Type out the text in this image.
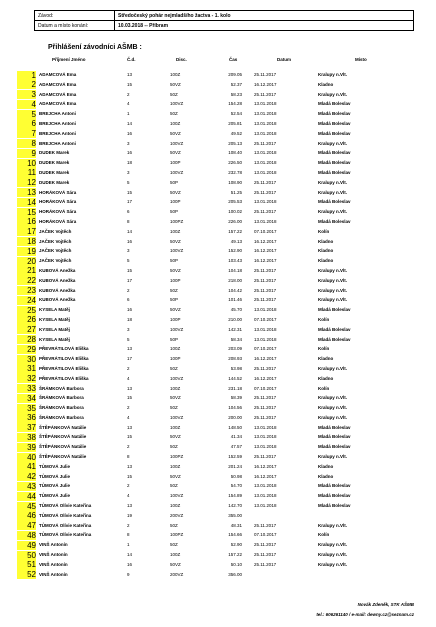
Závod:	Středočeský pohár nejmladšího žactva - 1. kolo
Datum a místo konání:	10.03.2018 -- Příbram
Přihlášení závodníci AŠMB :
Příjmení Jméno	Č.d.	Disc.	Čas	Datum	Místo
1 ADAMCOVÁ Ema	13	100Z	209.05	25.11.2017	Kralupy n.Vlt.
2 ADAMCOVÁ Ema	15	50VZ	52.37	16.12.2017	Kladno
3 ADAMCOVÁ Ema	2	50Z	58.23	25.11.2017	Kralupy n.Vlt.
4 ADAMCOVÁ Ema	4	100VZ	154.28	13.01.2018	Mladá Boleslav
5 BREJCHA Antoni	1	50Z	52.54	13.01.2018	Mladá Boleslav
6 BREJCHA Antoni	14	100Z	205.81	13.01.2018	Mladá Boleslav
7 BREJCHA Antoni	16	50VZ	49.52	13.01.2018	Mladá Boleslav
8 BREJCHA Antoni	3	100VZ	205.13	25.11.2017	Kralupy n.Vlt.
9 DUDEK Marek	16	50VZ	108.40	13.01.2018	Mladá Boleslav
10 DUDEK Marek	18	100P	226.50	13.01.2018	Mladá Boleslav
11 DUDEK Marek	3	100VZ	232.78	13.01.2018	Mladá Boleslav
12 DUDEK Marek	5	50P	108.90	25.11.2017	Kralupy n.Vlt.
13 HORÁKOVÁ Sára	15	50VZ	51.25	25.11.2017	Kralupy n.Vlt.
14 HORÁKOVÁ Sára	17	100P	205.53	13.01.2018	Mladá Boleslav
15 HORÁKOVÁ Sára	6	50P	100.02	25.11.2017	Kralupy n.Vlt.
16 HORÁKOVÁ Sára	8	100PZ	226.00	13.01.2018	Mladá Boleslav
17 JAČEK Vojtěch	14	100Z	157.22	07.10.2017	Kolín
18 JAČEK Vojtěch	16	50VZ	49.13	16.12.2017	Kladno
19 JAČEK Vojtěch	3	100VZ	152.90	16.12.2017	Kladno
20 JAČEK Vojtěch	5	50P	103.43	16.12.2017	Kladno
21 KUBOVÁ Anežka	15	50VZ	104.18	25.11.2017	Kralupy n.Vlt.
22 KUBOVÁ Anežka	17	100P	218.00	25.11.2017	Kralupy n.Vlt.
23 KUBOVÁ Anežka	2	50Z	104.42	25.11.2017	Kralupy n.Vlt.
24 KUBOVÁ Anežka	6	50P	101.46	25.11.2017	Kralupy n.Vlt.
25 KYSELA Matěj	16	50VZ	45.70	13.01.2018	Mladá Boleslav
26 KYSELA Matěj	18	100P	210.00	07.10.2017	Kolín
27 KYSELA Matěj	3	100VZ	142.31	13.01.2018	Mladá Boleslav
28 KYSELA Matěj	5	50P	58.34	13.01.2018	Mladá Boleslav
29 PŘEVRÁTILOVÁ Eliška	13	100Z	203.09	07.10.2017	Kolín
30 PŘEVRÁTILOVÁ Eliška	17	100P	208.93	16.12.2017	Kladno
31 PŘEVRÁTILOVÁ Eliška	2	50Z	53.98	25.11.2017	Kralupy n.Vlt.
32 PŘEVRÁTILOVÁ Eliška	4	100VZ	144.52	16.12.2017	Kladno
33 ŠRÁMKOVÁ Barbora	13	100Z	231.18	07.10.2017	Kolín
34 ŠRÁMKOVÁ Barbora	15	50VZ	58.39	25.11.2017	Kralupy n.Vlt.
35 ŠRÁMKOVÁ Barbora	2	50Z	104.56	25.11.2017	Kralupy n.Vlt.
36 ŠRÁMKOVÁ Barbora	4	100VZ	200.00	25.11.2017	Kralupy n.Vlt.
37 ŠTĚPÁNKOVÁ Natálie	13	100Z	148.50	13.01.2018	Mladá Boleslav
38 ŠTĚPÁNKOVÁ Natálie	15	50VZ	41.34	13.01.2018	Mladá Boleslav
39 ŠTĚPÁNKOVÁ Natálie	2	50Z	47.57	13.01.2018	Mladá Boleslav
40 ŠTĚPÁNKOVÁ Natálie	8	100PZ	152.59	25.11.2017	Kralupy n.Vlt.
41 TŮMOVÁ Julie	13	100Z	201.24	16.12.2017	Kladno
42 TŮMOVÁ Julie	15	50VZ	50.98	16.12.2017	Kladno
43 TŮMOVÁ Julie	2	50Z	54.70	13.01.2018	Mladá Boleslav
44 TŮMOVÁ Julie	4	100VZ	154.89	13.01.2018	Mladá Boleslav
45 TŮMOVÁ Olívie Kateřina	13	100Z	142.70	13.01.2018	Mladá Boleslav
46 TŮMOVÁ Olívie Kateřina	19	200VZ	355.00
47 TŮMOVÁ Olívie Kateřina	2	50Z	48.31	25.11.2017	Kralupy n.Vlt.
48 TŮMOVÁ Olívie Kateřina	8	100PZ	154.66	07.10.2017	Kolín
49 VINŠ Antonín	1	50Z	52.90	25.11.2017	Kralupy n.Vlt.
50 VINŠ Antonín	14	100Z	157.22	25.11.2017	Kralupy n.Vlt.
51 VINŠ Antonín	16	50VZ	50.10	25.11.2017	Kralupy n.Vlt.
52 VINŠ Antonín	9	200VZ	356.00
Novák Zdeněk, STK AŠMB
tel.: 606261140 / e-mail: dewny.cz@seznam.cz
